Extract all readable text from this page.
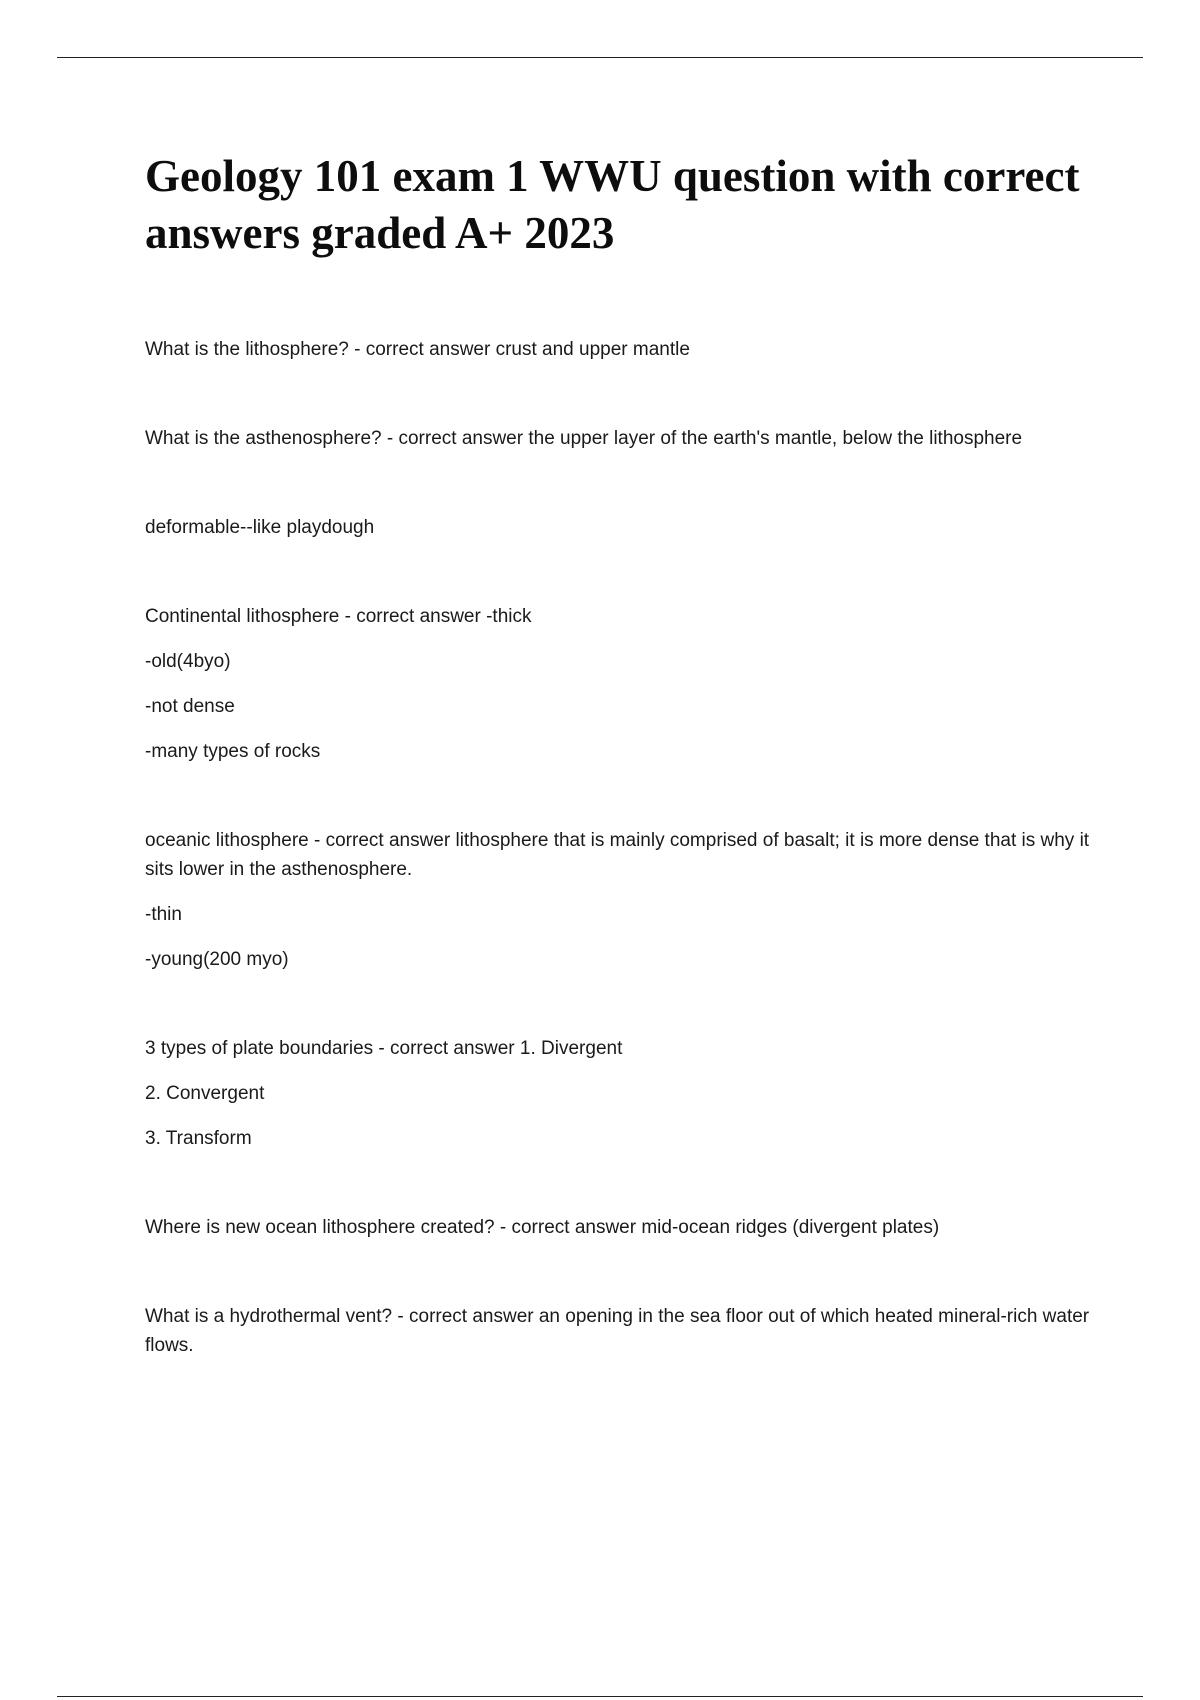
Geology 101 exam 1 WWU question with correct answers graded A+ 2023

What is the lithosphere? - correct answer crust and upper mantle

What is the asthenosphere? - correct answer the upper layer of the earth's mantle, below the lithosphere

deformable--like playdough

Continental lithosphere - correct answer -thick

-old(4byo)

-not dense

-many types of rocks

oceanic lithosphere - correct answer lithosphere that is mainly comprised of basalt; it is more dense that is why it sits lower in the asthenosphere.

-thin

-young(200 myo)

3 types of plate boundaries - correct answer 1. Divergent

2. Convergent

3. Transform

Where is new ocean lithosphere created? - correct answer mid-ocean ridges (divergent plates)

What is a hydrothermal vent? - correct answer an opening in the sea floor out of which heated mineral-rich water flows.
